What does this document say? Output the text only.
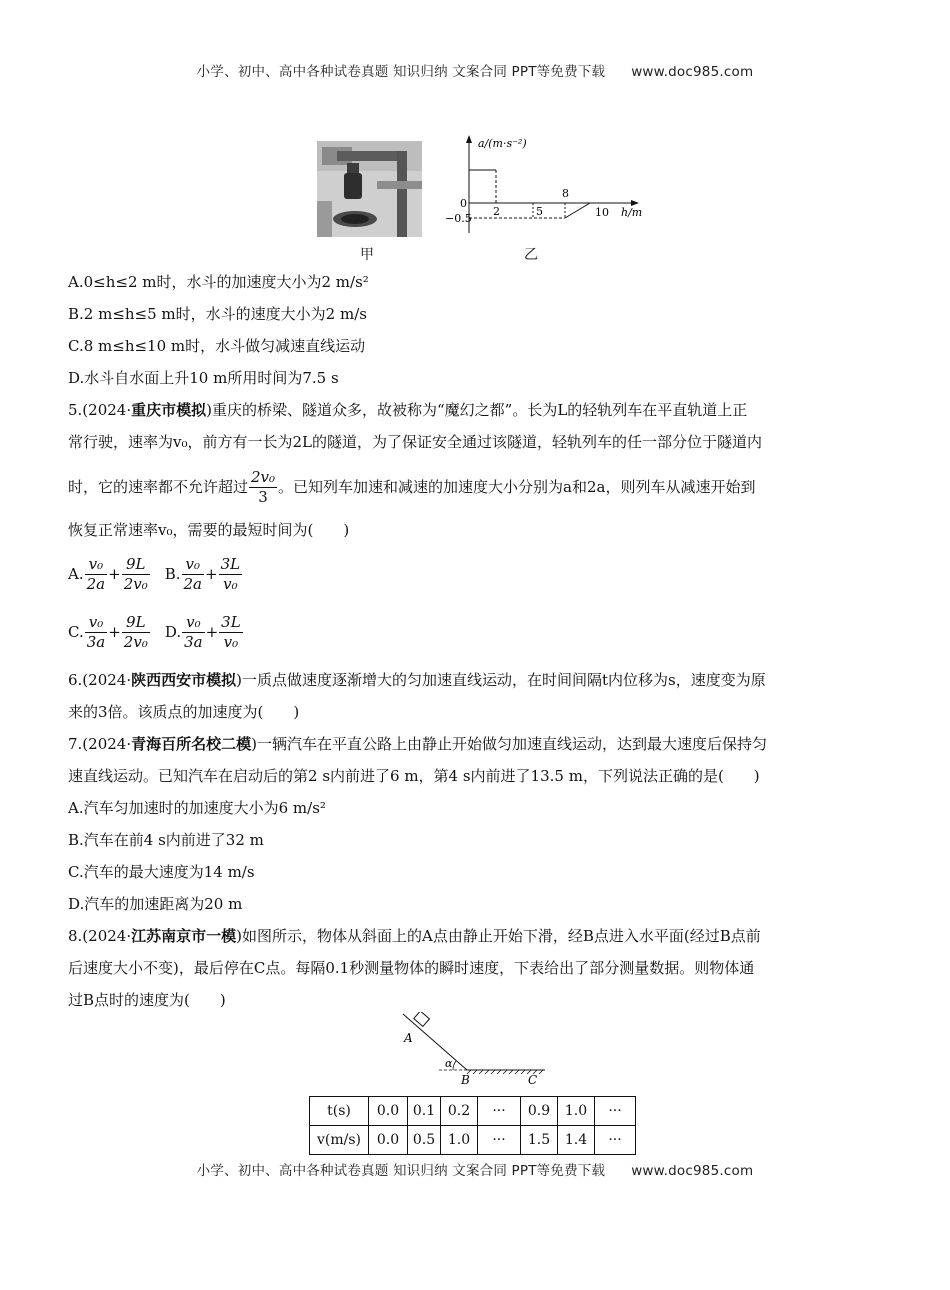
小学、初中、高中各种试卷真题 知识归纳 文案合同 PPT等免费下载 www.doc985.com
甲
a/(m·s⁻²)
h/m
0
−0.5
2	5
8
10
乙
A.0≤h≤2 m时，水斗的加速度大小为2 m/s²
B.2 m≤h≤5 m时，水斗的速度大小为2 m/s
C.8 m≤h≤10 m时，水斗做匀减速直线运动
D.水斗自水面上升10 m所用时间为7.5 s
5.(2024·重庆市模拟)重庆的桥梁、隧道众多，故被称为“魔幻之都”。长为L的轻轨列车在平直轨道上正
常行驶，速率为v₀，前方有一长为2L的隧道，为了保证安全通过该隧道，轻轨列车的任一部分位于隧道内
时，它的速率都不允许超过 $\frac{\text{2v₀}}{3}$ 。已知列车加速和减速的加速度大小分别为a和2a，则列车从减速开始到
恢复正常速率v₀，需要的最短时间为(　　)
A. $\frac{\text{v₀}}{2a} + \frac{9L}{\text{2v₀}} B$. $\frac{\text{v₀}}{2a} + \frac{3L}{\text{v₀}}$
C. $\frac{\text{v₀}}{3a} + \frac{9L}{\text{2v₀}} D$. $\frac{\text{v₀}}{3a} + \frac{3L}{\text{v₀}}$
6.(2024·陕西西安市模拟)一质点做速度逐渐增大的匀加速直线运动，在时间间隔t内位移为s，速度变为原
来的3倍。该质点的加速度为(　　)
7.(2024·青海百所名校二模)一辆汽车在平直公路上由静止开始做匀加速直线运动，达到最大速度后保持匀
速直线运动。已知汽车在启动后的第2 s内前进了6 m，第4 s内前进了13.5 m，下列说法正确的是(　　)
A.汽车匀加速时的加速度大小为6 m/s²
B.汽车在前4 s内前进了32 m
C.汽车的最大速度为14 m/s
D.汽车的加速距离为20 m
8.(2024·江苏南京市一模)如图所示，物体从斜面上的A点由静止开始下滑，经B点进入水平面(经过B点前
后速度大小不变)，最后停在C点。每隔0.1秒测量物体的瞬时速度，下表给出了部分测量数据。则物体通
过B点时的速度为(　　)
α
A
B	C
t(s)	0.0	0.1	0.2	···	0.9	1.0	···
v(m/s)	0.0	0.5	1.0	···	1.5	1.4	···
小学、初中、高中各种试卷真题 知识归纳 文案合同 PPT等免费下载 www.doc985.com
